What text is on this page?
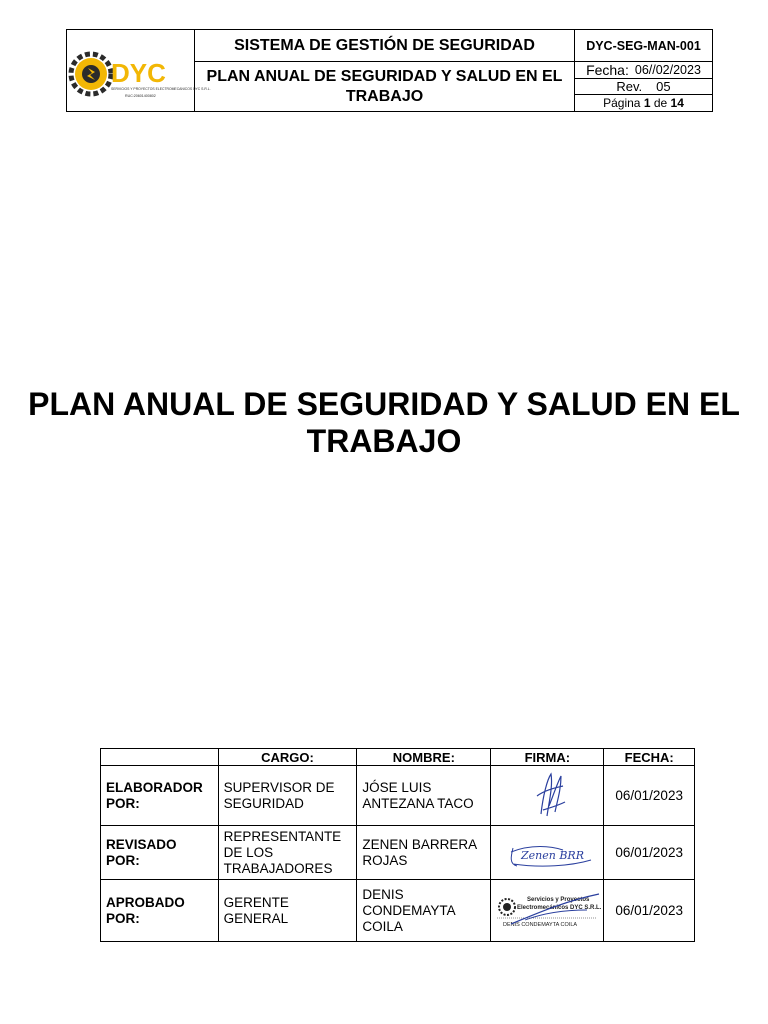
DYC
SERVICIOS Y PROYECTOS ELECTROMECANICOS DYC S.R.L.
RUC:20601400802
SISTEMA DE GESTIÓN DE SEGURIDAD
PLAN ANUAL DE SEGURIDAD Y SALUD EN EL TRABAJO
DYC-SEG-MAN-001
Fecha: 06//02/2023
Rev. 05
Página
1
de
14
PLAN ANUAL DE SEGURIDAD Y SALUD EN EL TRABAJO
	CARGO:	NOMBRE:	FIRMA:	FECHA:
ELABORADOR POR:	SUPERVISOR DE SEGURIDAD	JÓSE LUIS ANTEZANA TACO		06/01/2023
REVISADO POR:	REPRESENTANTE DE LOS TRABAJADORES	ZENEN BARRERA ROJAS	Zenen BRR	06/01/2023
APROBADO POR:	GERENTE GENERAL	DENIS CONDEMAYTA COILA	Servicios y Proyectos
Electromecánicos DYC S.R.L.
DENIS CONDEMAYTA COILA	06/01/2023
